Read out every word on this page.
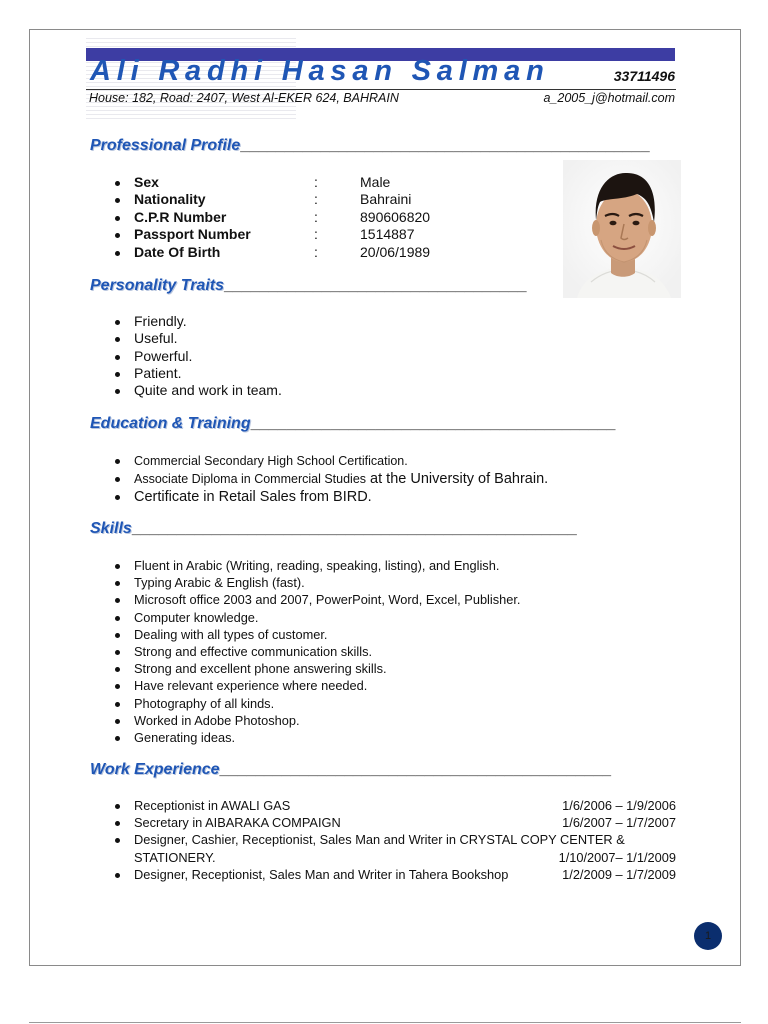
Ali Radhi Hasan Salman	33711496
House: 182, Road: 2407, West Al-EKER 624, BAHRAIN	a_2005_j@hotmail.com
Professional Profile______________________________________________
Sex	:	Male
Nationality	:	Bahraini
C.P.R Number	:	890606820
Passport Number	:	1514887
Date Of Birth	:	20/06/1989
Personality Traits__________________________________
Friendly.
Useful.
Powerful.
Patient.
Quite and work in team.
Education & Training_________________________________________
Commercial Secondary High School Certification.
Associate Diploma in Commercial Studies at the University of Bahrain.
Certificate in Retail Sales from BIRD.
Skills__________________________________________________
Fluent in Arabic (Writing, reading, speaking, listing), and English.
Typing Arabic & English (fast).
Microsoft office 2003 and 2007, PowerPoint, Word, Excel, Publisher.
Computer knowledge.
Dealing with all types of customer.
Strong and effective communication skills.
Strong and excellent phone answering skills.
Have relevant experience where needed.
Photography of all kinds.
Worked in Adobe Photoshop.
Generating ideas.
Work Experience____________________________________________
Receptionist in AWALI GAS	1/6/2006 – 1/9/2006
Secretary in AIBARAKA COMPAIGN	1/6/2007 – 1/7/2007
Designer, Cashier, Receptionist, Sales Man and Writer in CRYSTAL COPY CENTER & STATIONERY.	1/10/2007– 1/1/2009
Designer, Receptionist, Sales Man and Writer in Tahera Bookshop	1/2/2009 – 1/7/2009
1
